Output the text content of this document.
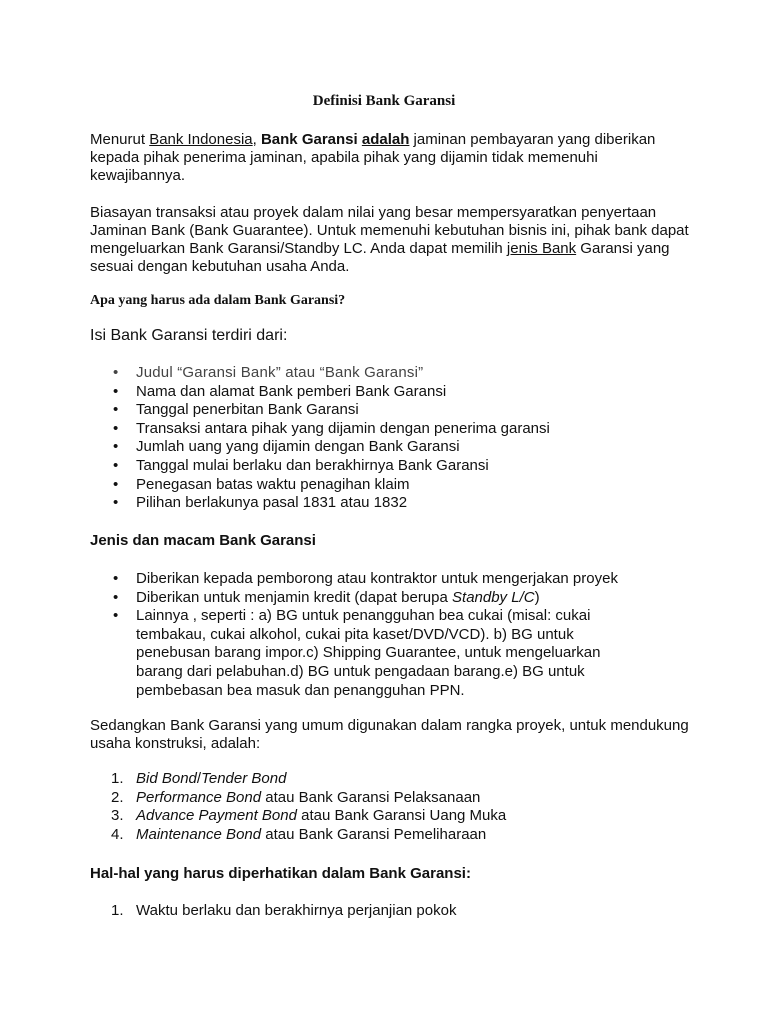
Definisi Bank Garansi
Menurut Bank Indonesia, Bank Garansi adalah jaminan pembayaran yang diberikan kepada pihak penerima jaminan, apabila pihak yang dijamin tidak memenuhi kewajibannya.
Biasayan transaksi atau proyek dalam nilai yang besar mempersyaratkan penyertaan Jaminan Bank (Bank Guarantee). Untuk memenuhi kebutuhan bisnis ini, pihak bank dapat mengeluarkan Bank Garansi/Standby LC. Anda dapat memilih jenis Bank Garansi yang sesuai dengan kebutuhan usaha Anda.
Apa yang harus ada dalam Bank Garansi?
Isi Bank Garansi terdiri dari:
• Judul “Garansi Bank” atau “Bank Garansi”
• Nama dan alamat Bank pemberi Bank Garansi
• Tanggal penerbitan Bank Garansi
• Transaksi antara pihak yang dijamin dengan penerima garansi
• Jumlah uang yang dijamin dengan Bank Garansi
• Tanggal mulai berlaku dan berakhirnya Bank Garansi
• Penegasan batas waktu penagihan klaim
• Pilihan berlakunya pasal 1831 atau 1832
Jenis dan macam Bank Garansi
• Diberikan kepada pemborong atau kontraktor untuk mengerjakan proyek
• Diberikan untuk menjamin kredit (dapat berupa Standby L/C)
• Lainnya , seperti : a) BG untuk penangguhan bea cukai (misal: cukai tembakau, cukai alkohol, cukai pita kaset/DVD/VCD). b) BG untuk penebusan barang impor.c) Shipping Guarantee, untuk mengeluarkan barang dari pelabuhan.d) BG untuk pengadaan barang.e) BG untuk pembebasan bea masuk dan penangguhan PPN.
Sedangkan Bank Garansi yang umum digunakan dalam rangka proyek, untuk mendukung usaha konstruksi, adalah:
1. Bid Bond/Tender Bond
2. Performance Bond atau Bank Garansi Pelaksanaan
3. Advance Payment Bond atau Bank Garansi Uang Muka
4. Maintenance Bond atau Bank Garansi Pemeliharaan
Hal-hal yang harus diperhatikan dalam Bank Garansi:
1. Waktu berlaku dan berakhirnya perjanjian pokok
